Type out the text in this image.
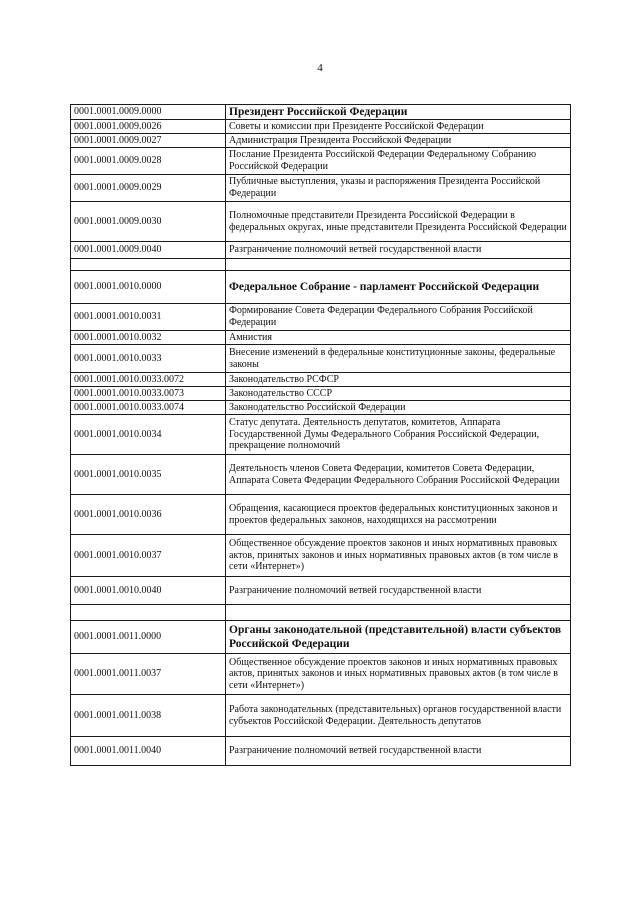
4
0001.0001.0009.0000	Президент Российской Федерации
0001.0001.0009.0026	Советы и комиссии при Президенте Российской Федерации
0001.0001.0009.0027	Администрация Президента Российской Федерации
0001.0001.0009.0028	Послание Президента Российской Федерации Федеральному Собранию Российской Федерации
0001.0001.0009.0029	Публичные выступления, указы и распоряжения Президента Российской Федерации
0001.0001.0009.0030	Полномочные представители Президента Российской Федерации в федеральных округах, иные представители Президента Российской Федерации
0001.0001.0009.0040	Разграничение полномочий ветвей государственной власти

0001.0001.0010.0000	Федеральное Собрание - парламент Российской Федерации
0001.0001.0010.0031	Формирование Совета Федерации Федерального Собрания Российской Федерации
0001.0001.0010.0032	Амнистия
0001.0001.0010.0033	Внесение изменений в федеральные конституционные законы, федеральные законы
0001.0001.0010.0033.0072	Законодательство РСФСР
0001.0001.0010.0033.0073	Законодательство СССР
0001.0001.0010.0033.0074	Законодательство Российской Федерации
0001.0001.0010.0034	Статус депутата. Деятельность депутатов, комитетов, Аппарата Государственной Думы Федерального Собрания Российской Федерации, прекращение полномочий
0001.0001.0010.0035	Деятельность членов Совета Федерации, комитетов Совета Федерации, Аппарата Совета Федерации Федерального Собрания Российской Федерации
0001.0001.0010.0036	Обращения, касающиеся проектов федеральных конституционных законов и проектов федеральных законов, находящихся на рассмотрении
0001.0001.0010.0037	Общественное обсуждение проектов законов и иных нормативных правовых актов, принятых законов и иных нормативных правовых актов (в том числе в сети «Интернет»)
0001.0001.0010.0040	Разграничение полномочий ветвей государственной власти

0001.0001.0011.0000	Органы законодательной (представительной) власти субъектов Российской Федерации
0001.0001.0011.0037	Общественное обсуждение проектов законов и иных нормативных правовых актов, принятых законов и иных нормативных правовых актов (в том числе в сети «Интернет»)
0001.0001.0011.0038	Работа законодательных (представительных) органов государственной власти субъектов Российской Федерации. Деятельность депутатов
0001.0001.0011.0040	Разграничение полномочий ветвей государственной власти
